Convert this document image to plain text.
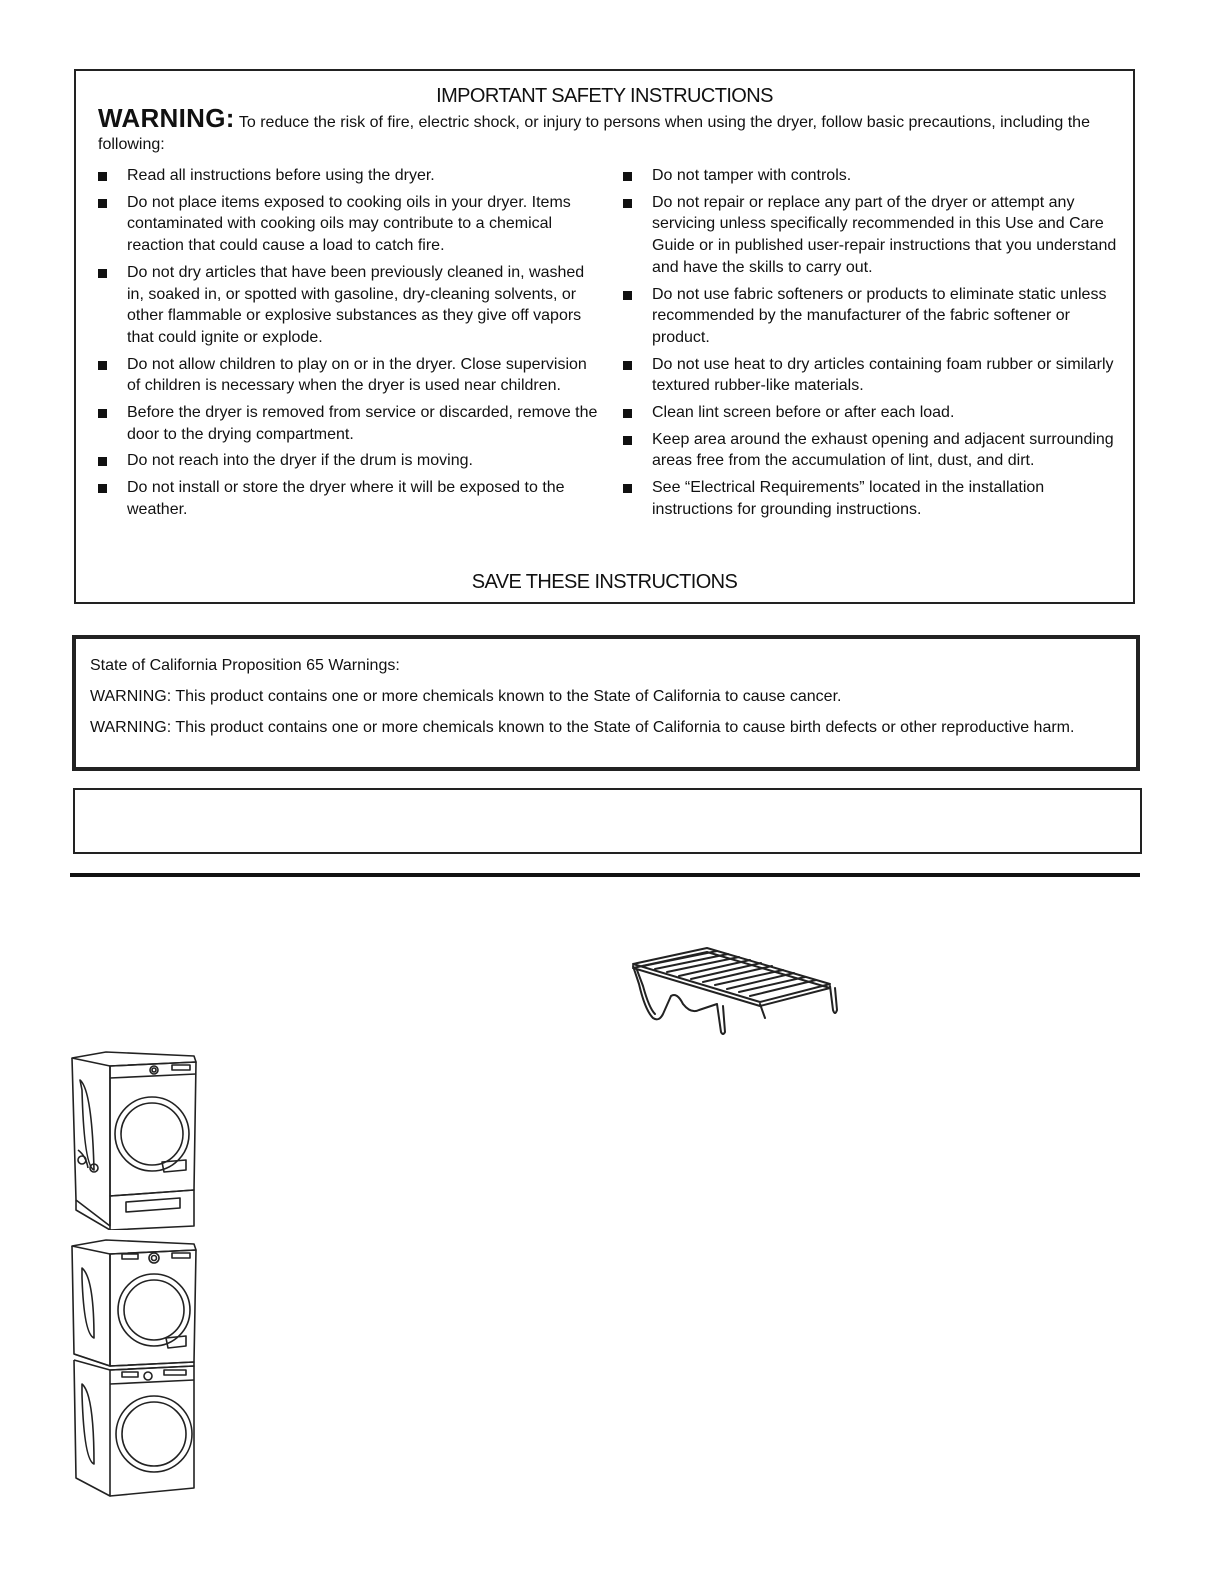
IMPORTANT SAFETY INSTRUCTIONS
WARNING: To reduce the risk of fire, electric shock, or injury to persons when using the dryer, follow basic precautions, including the following:
Read all instructions before using the dryer.
Do not place items exposed to cooking oils in your dryer. Items contaminated with cooking oils may contribute to a chemical reaction that could cause a load to catch fire.
Do not dry articles that have been previously cleaned in, washed in, soaked in, or spotted with gasoline, dry-cleaning solvents, or other flammable or explosive substances as they give off vapors that could ignite or explode.
Do not allow children to play on or in the dryer. Close supervision of children is necessary when the dryer is used near children.
Before the dryer is removed from service or discarded, remove the door to the drying compartment.
Do not reach into the dryer if the drum is moving.
Do not install or store the dryer where it will be exposed to the weather.
Do not tamper with controls.
Do not repair or replace any part of the dryer or attempt any servicing unless specifically recommended in this Use and Care Guide or in published user-repair instructions that you understand and have the skills to carry out.
Do not use fabric softeners or products to eliminate static unless recommended by the manufacturer of the fabric softener or product.
Do not use heat to dry articles containing foam rubber or similarly textured rubber-like materials.
Clean lint screen before or after each load.
Keep area around the exhaust opening and adjacent surrounding areas free from the accumulation of lint, dust, and dirt.
See “Electrical Requirements” located in the installation instructions for grounding instructions.
SAVE THESE INSTRUCTIONS

State of California Proposition 65 Warnings:

WARNING: This product contains one or more chemicals known to the State of California to cause cancer.

WARNING: This product contains one or more chemicals known to the State of California to cause birth defects or other reproductive harm.
